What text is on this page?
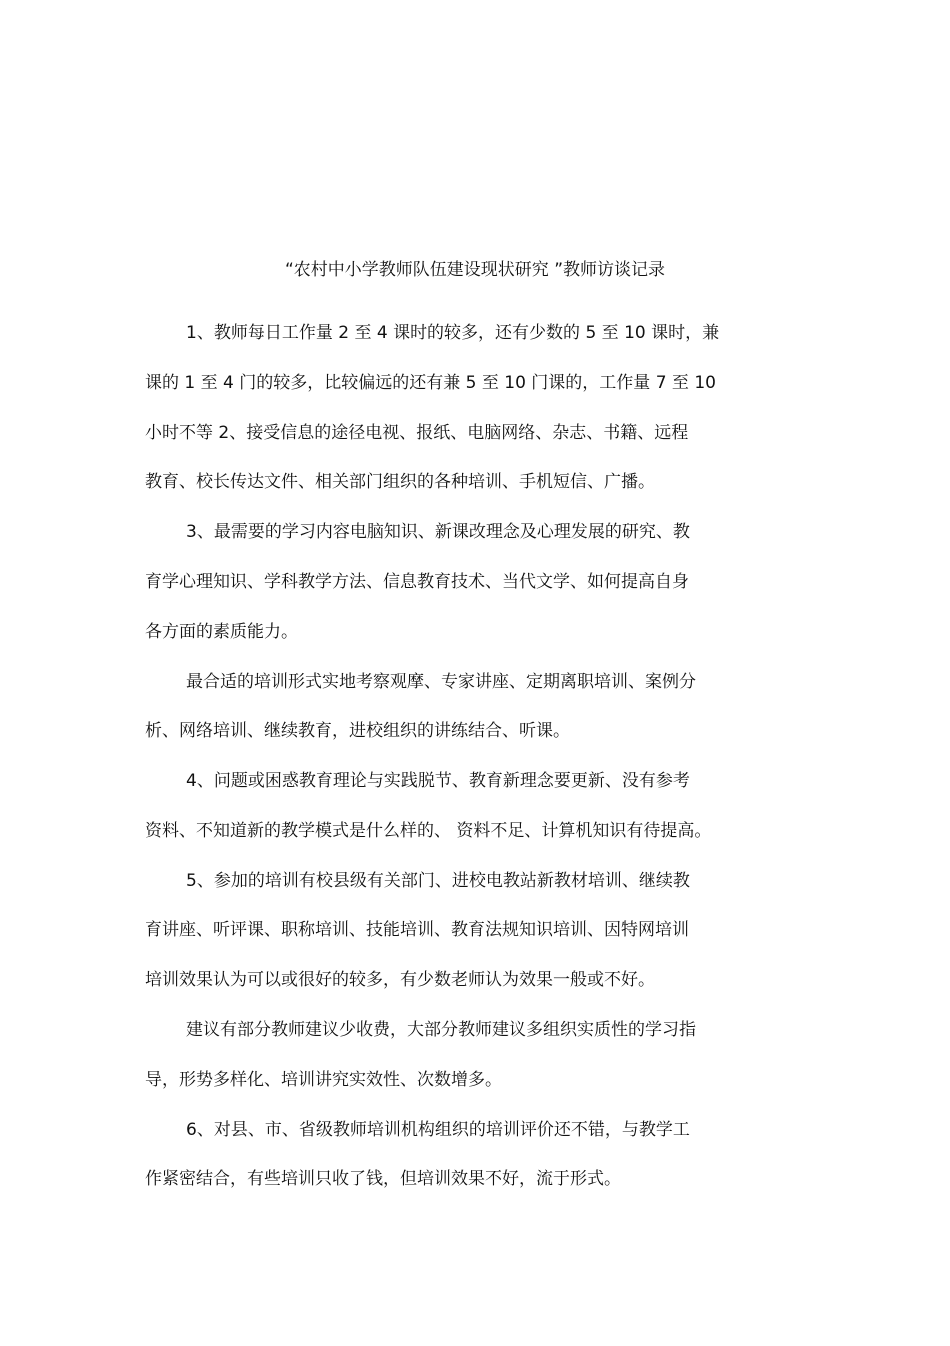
“农村中小学教师队伍建设现状研究 ”教师访谈记录
1、教师每日工作量 2 至 4 课时的较多，还有少数的 5 至 10 课时，兼
课的 1 至 4 门的较多，比较偏远的还有兼 5 至 10 门课的，工作量 7 至 10
小时不等 2、接受信息的途径电视、报纸、电脑网络、杂志、书籍、远程
教育、校长传达文件、相关部门组织的各种培训、手机短信、广播。
3、最需要的学习内容电脑知识、新课改理念及心理发展的研究、教
育学心理知识、学科教学方法、信息教育技术、当代文学、如何提高自身
各方面的素质能力。
最合适的培训形式实地考察观摩、专家讲座、定期离职培训、案例分
析、网络培训、继续教育，进校组织的讲练结合、听课。
4、问题或困惑教育理论与实践脱节、教育新理念要更新、没有参考
资料、不知道新的教学模式是什么样的、 资料不足、计算机知识有待提高。
5、参加的培训有校县级有关部门、进校电教站新教材培训、继续教
育讲座、听评课、职称培训、技能培训、教育法规知识培训、因特网培训
培训效果认为可以或很好的较多，有少数老师认为效果一般或不好。
建议有部分教师建议少收费，大部分教师建议多组织实质性的学习指
导，形势多样化、培训讲究实效性、次数增多。
6、对县、市、省级教师培训机构组织的培训评价还不错，与教学工
作紧密结合，有些培训只收了钱，但培训效果不好，流于形式。
